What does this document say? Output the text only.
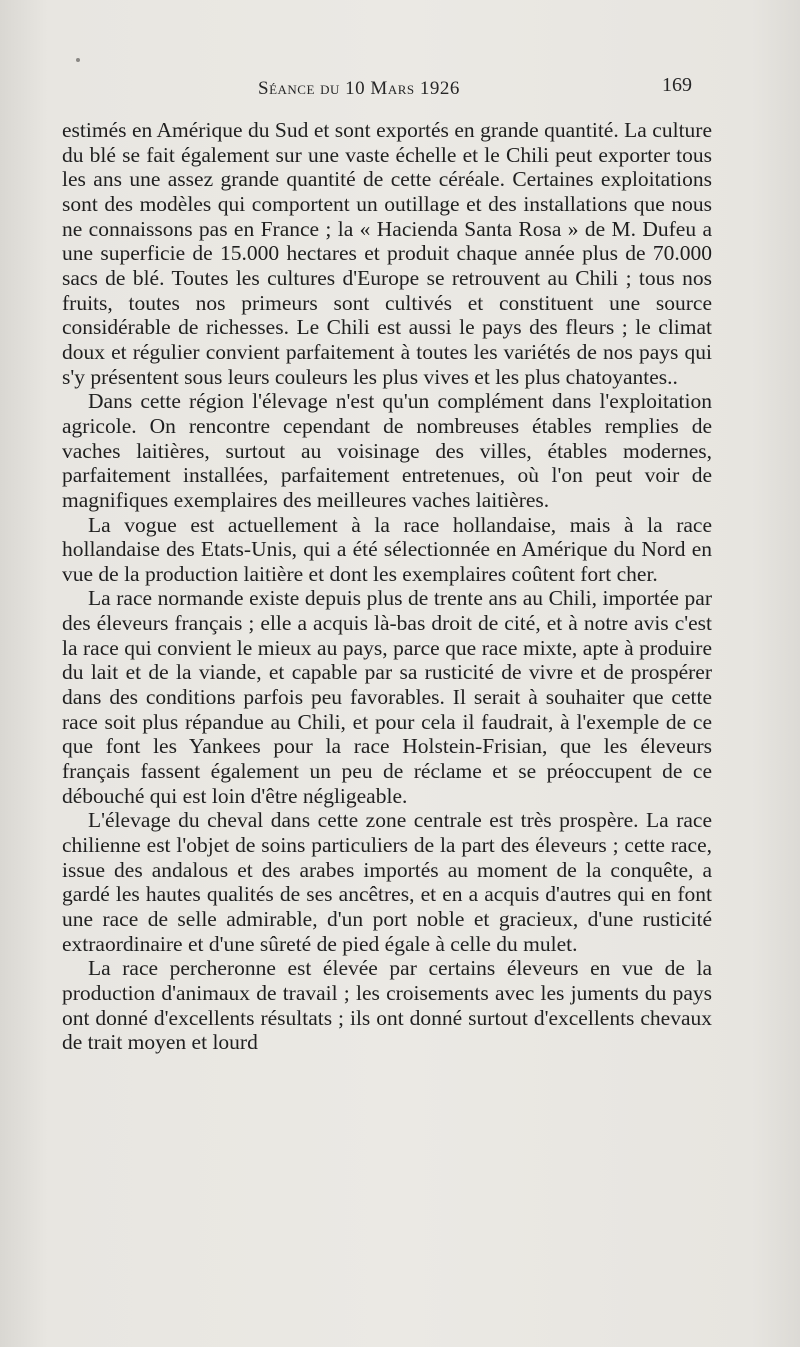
Séance du 10 Mars 1926	169

estimés en Amérique du Sud et sont exportés en grande quantité. La culture du blé se fait également sur une vaste échelle et le Chili peut exporter tous les ans une assez grande quantité de cette céréale. Certaines exploitations sont des modèles qui comportent un outillage et des installations que nous ne connaissons pas en France ; la « Hacienda Santa Rosa » de M. Dufeu a une superficie de 15.000 hectares et produit chaque année plus de 70.000 sacs de blé. Toutes les cultures d'Europe se retrouvent au Chili ; tous nos fruits, toutes nos primeurs sont cultivés et constituent une source considérable de richesses. Le Chili est aussi le pays des fleurs ; le climat doux et régulier convient parfaitement à toutes les variétés de nos pays qui s'y présentent sous leurs couleurs les plus vives et les plus chatoyantes..

Dans cette région l'élevage n'est qu'un complément dans l'exploitation agricole. On rencontre cependant de nombreuses étables remplies de vaches laitières, surtout au voisinage des villes, étables modernes, parfaitement installées, parfaitement entretenues, où l'on peut voir de magnifiques exemplaires des meilleures vaches laitières.

La vogue est actuellement à la race hollandaise, mais à la race hollandaise des Etats-Unis, qui a été sélectionnée en Amérique du Nord en vue de la production laitière et dont les exemplaires coûtent fort cher.

La race normande existe depuis plus de trente ans au Chili, importée par des éleveurs français ; elle a acquis là-bas droit de cité, et à notre avis c'est la race qui convient le mieux au pays, parce que race mixte, apte à produire du lait et de la viande, et capable par sa rusticité de vivre et de prospérer dans des conditions parfois peu favorables. Il serait à souhaiter que cette race soit plus répandue au Chili, et pour cela il faudrait, à l'exemple de ce que font les Yankees pour la race Holstein-Frisian, que les éleveurs français fassent également un peu de réclame et se préoccupent de ce débouché qui est loin d'être négligeable.

L'élevage du cheval dans cette zone centrale est très prospère. La race chilienne est l'objet de soins particuliers de la part des éleveurs ; cette race, issue des andalous et des arabes importés au moment de la conquête, a gardé les hautes qualités de ses ancêtres, et en a acquis d'autres qui en font une race de selle admirable, d'un port noble et gracieux, d'une rusticité extraordinaire et d'une sûreté de pied égale à celle du mulet.

La race percheronne est élevée par certains éleveurs en vue de la production d'animaux de travail ; les croisements avec les juments du pays ont donné d'excellents résultats ; ils ont donné surtout d'excellents chevaux de trait moyen et lourd
